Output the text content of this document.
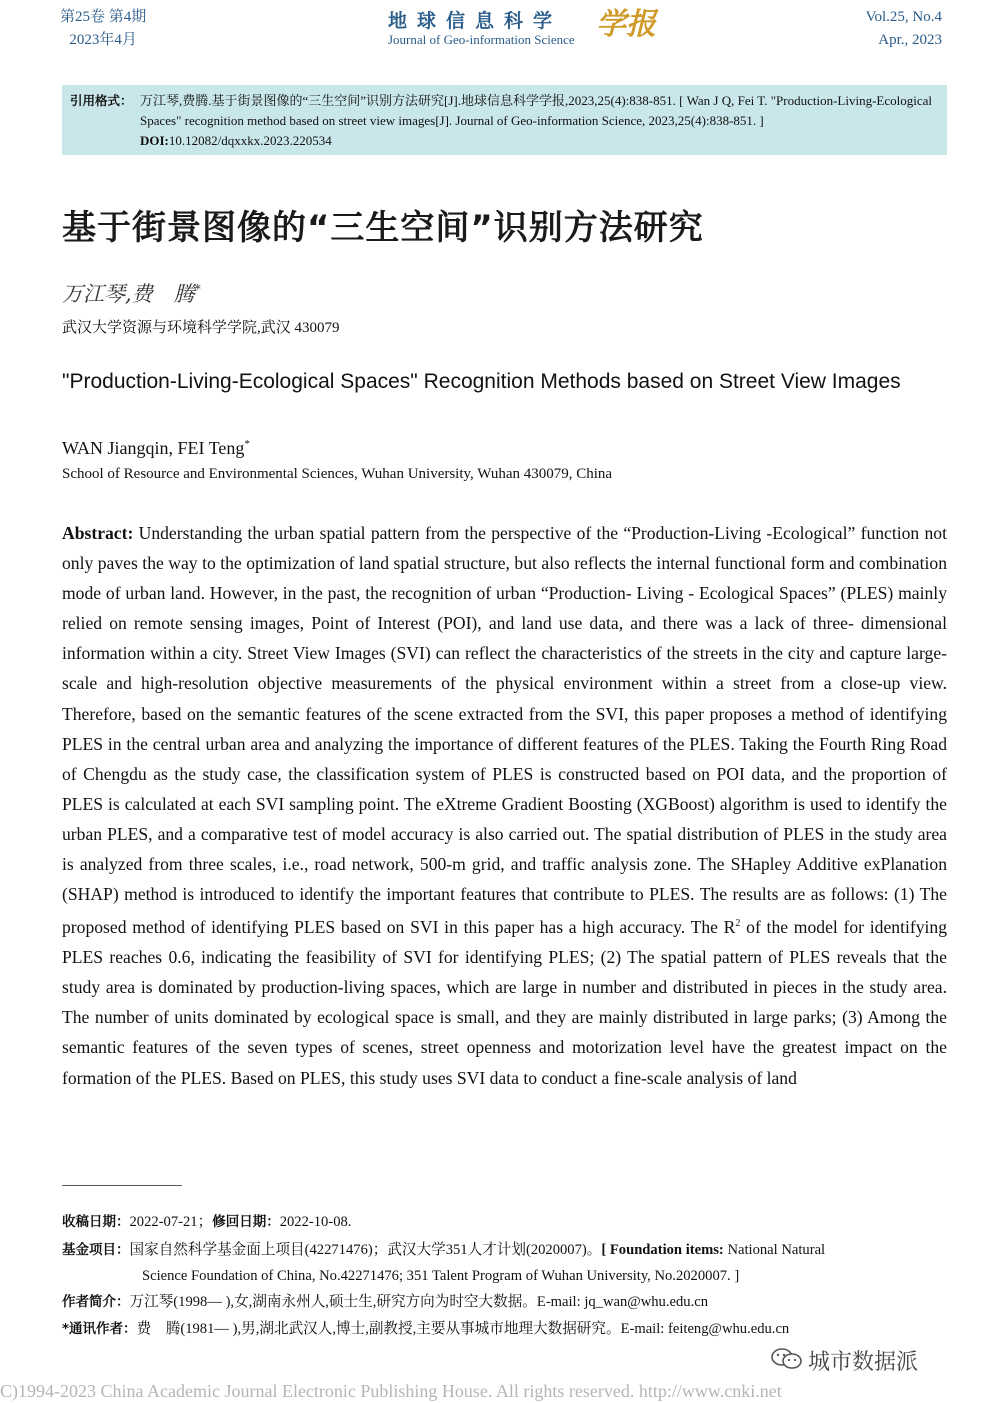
第25卷 第4期
2023年4月
地球信息科学
Journal of Geo-information Science 学报	Vol.25, No.4
Apr., 2023
引用格式： 万江琴,费腾.基于街景图像的“三生空间”识别方法研究[J].地球信息科学学报,2023,25(4):838-851. [ Wan J Q, Fei T. "Production-Living-Ecological Spaces" recognition method based on street view images[J]. Journal of Geo-information Science, 2023,25(4):838-851. ] DOI:10.12082/dqxxkx.2023.220534
基于街景图像的“三生空间”识别方法研究
万江琴,费　腾*
武汉大学资源与环境科学学院,武汉 430079
"Production-Living-Ecological Spaces" Recognition Methods based on Street View Images
WAN Jiangqin, FEI Teng*
School of Resource and Environmental Sciences, Wuhan University, Wuhan 430079, China
Abstract: Understanding the urban spatial pattern from the perspective of the “Production-Living -Ecological” function not only paves the way to the optimization of land spatial structure, but also reflects the internal functional form and combination mode of urban land. However, in the past, the recognition of urban “Production- Living - Ecological Spaces” (PLES) mainly relied on remote sensing images, Point of Interest (POI), and land use data, and there was a lack of three- dimensional information within a city. Street View Images (SVI) can reflect the characteristics of the streets in the city and capture large-scale and high-resolution objective measurements of the physical environment within a street from a close-up view. Therefore, based on the semantic features of the scene extracted from the SVI, this paper proposes a method of identifying PLES in the central urban area and analyzing the importance of different features of the PLES. Taking the Fourth Ring Road of Chengdu as the study case, the classification system of PLES is constructed based on POI data, and the proportion of PLES is calculated at each SVI sampling point. The eXtreme Gradient Boosting (XGBoost) algorithm is used to identify the urban PLES, and a comparative test of model accuracy is also carried out. The spatial distribution of PLES in the study area is analyzed from three scales, i.e., road network, 500-m grid, and traffic analysis zone. The SHapley Additive exPlanation (SHAP) method is introduced to identify the important features that contribute to PLES. The results are as follows: (1) The proposed method of identifying PLES based on SVI in this paper has a high accuracy. The $R^2$ of the model for identifying PLES reaches 0.6, indicating the feasibility of SVI for identifying PLES; (2) The spatial pattern of PLES reveals that the study area is dominated by production-living spaces, which are large in number and distributed in pieces in the study area. The number of units dominated by ecological space is small, and they are mainly distributed in large parks; (3) Among the semantic features of the seven types of scenes, street openness and motorization level have the greatest impact on the formation of the PLES. Based on PLES, this study uses SVI data to conduct a fine-scale analysis of land
收稿日期：2022-07-21；修回日期：2022-10-08.
基金项目：国家自然科学基金面上项目(42271476)；武汉大学351人才计划(2020007)。[ Foundation items: National Natural
Science Foundation of China, No.42271476; 351 Talent Program of Wuhan University, No.2020007. ]
作者简介：万江琴(1998— ),女,湖南永州人,硕士生,研究方向为时空大数据。E-mail: jq_wan@whu.edu.cn
*通讯作者：费　腾(1981— ),男,湖北武汉人,博士,副教授,主要从事城市地理大数据研究。E-mail: feiteng@whu.edu.cn
城市数据派
C)1994-2023 China Academic Journal Electronic Publishing House. All rights reserved. http://www.cnki.net
